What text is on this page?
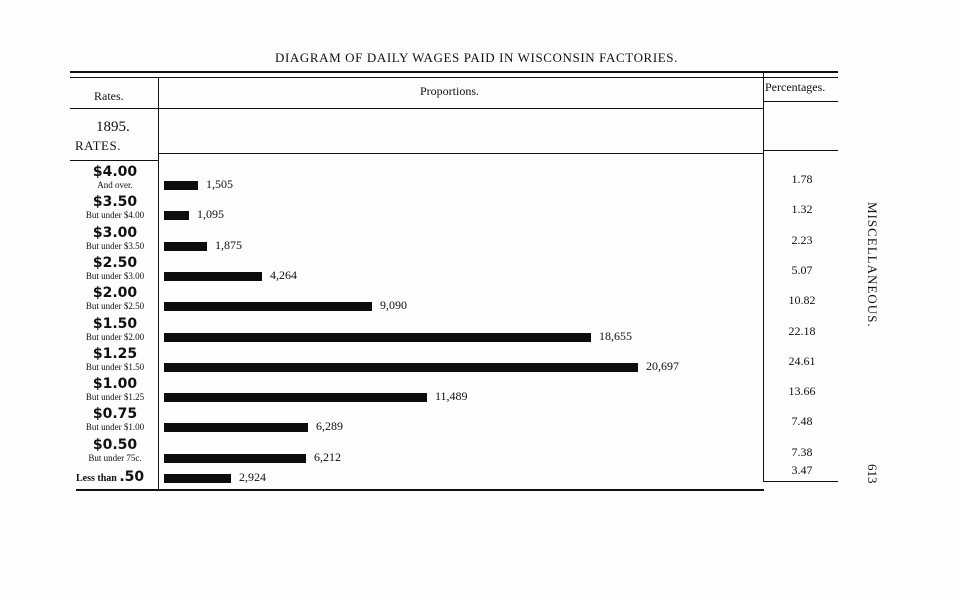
DIAGRAM OF DAILY WAGES PAID IN WISCONSIN FACTORIES.
Rates.	Proportions.	Percentages.
1895.
RATES.
$4.00
And over.	1,505	1.78
$3.50
But under $4.00	1,095	1.32
$3.00
But under $3.50	1,875	2.23
$2.50
But under $3.00	4,264	5.07
$2.00
But under $2.50	9,090	10.82
$1.50
But under $2.00	18,655	22.18
$1.25
But under $1.50	20,697	24.61
$1.00
But under $1.25	11,489	13.66
$0.75
But under $1.00	6,289	7.48
$0.50
But under 75c.	6,212	7.38
Less than .50	2,924	3.47
MISCELLANEOUS.
613
